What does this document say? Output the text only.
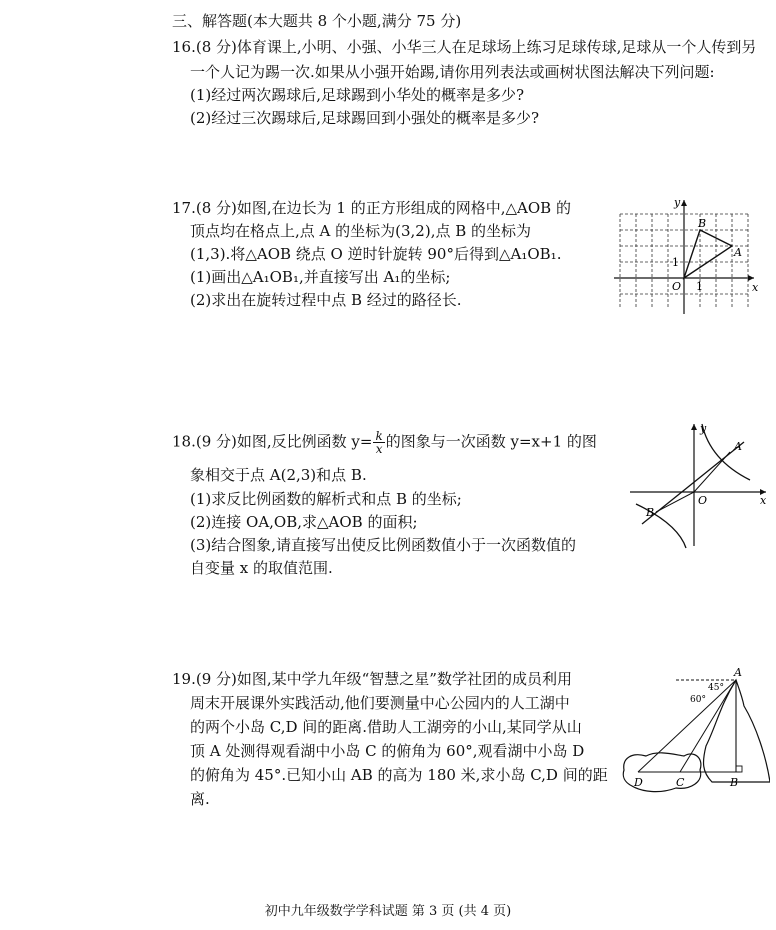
三、解答题(本大题共 8 个小题,满分 75 分)
16.(8 分)体育课上,小明、小强、小华三人在足球场上练习足球传球,足球从一个人传到另
一个人记为踢一次.如果从小强开始踢,请你用列表法或画树状图法解决下列问题:
(1)经过两次踢球后,足球踢到小华处的概率是多少?
(2)经过三次踢球后,足球踢回到小强处的概率是多少?
17.(8 分)如图,在边长为 1 的正方形组成的网格中,△AOB 的
顶点均在格点上,点 A 的坐标为(3,2),点 B 的坐标为
(1,3).将△AOB 绕点 O 逆时针旋转 90°后得到△A₁OB₁.
(1)画出△A₁OB₁,并直接写出 A₁的坐标;
(2)求出在旋转过程中点 B 经过的路径长.
y
x
O
A
B
1
1
18.(9 分)如图,反比例函数 $y= \frac{k}{x}$ 的图象与一次函数 y=x+1 的图
象相交于点 A(2,3)和点 B.
(1)求反比例函数的解析式和点 B 的坐标;
(2)连接 OA,OB,求△AOB 的面积;
(3)结合图象,请直接写出使反比例函数值小于一次函数值的
自变量 x 的取值范围.
y
x
O
A
B
19.(9 分)如图,某中学九年级“智慧之星”数学社团的成员利用
周末开展课外实践活动,他们要测量中心公园内的人工湖中
的两个小岛 C,D 间的距离.借助人工湖旁的小山,某同学从山
顶 A 处测得观看湖中小岛 C 的俯角为 60°,观看湖中小岛 D
的俯角为 45°.已知小山 AB 的高为 180 米,求小岛 C,D 间的距
离.
A
B
C
D
45°
60°
初中九年级数学学科试题 第 3 页 (共 4 页)
